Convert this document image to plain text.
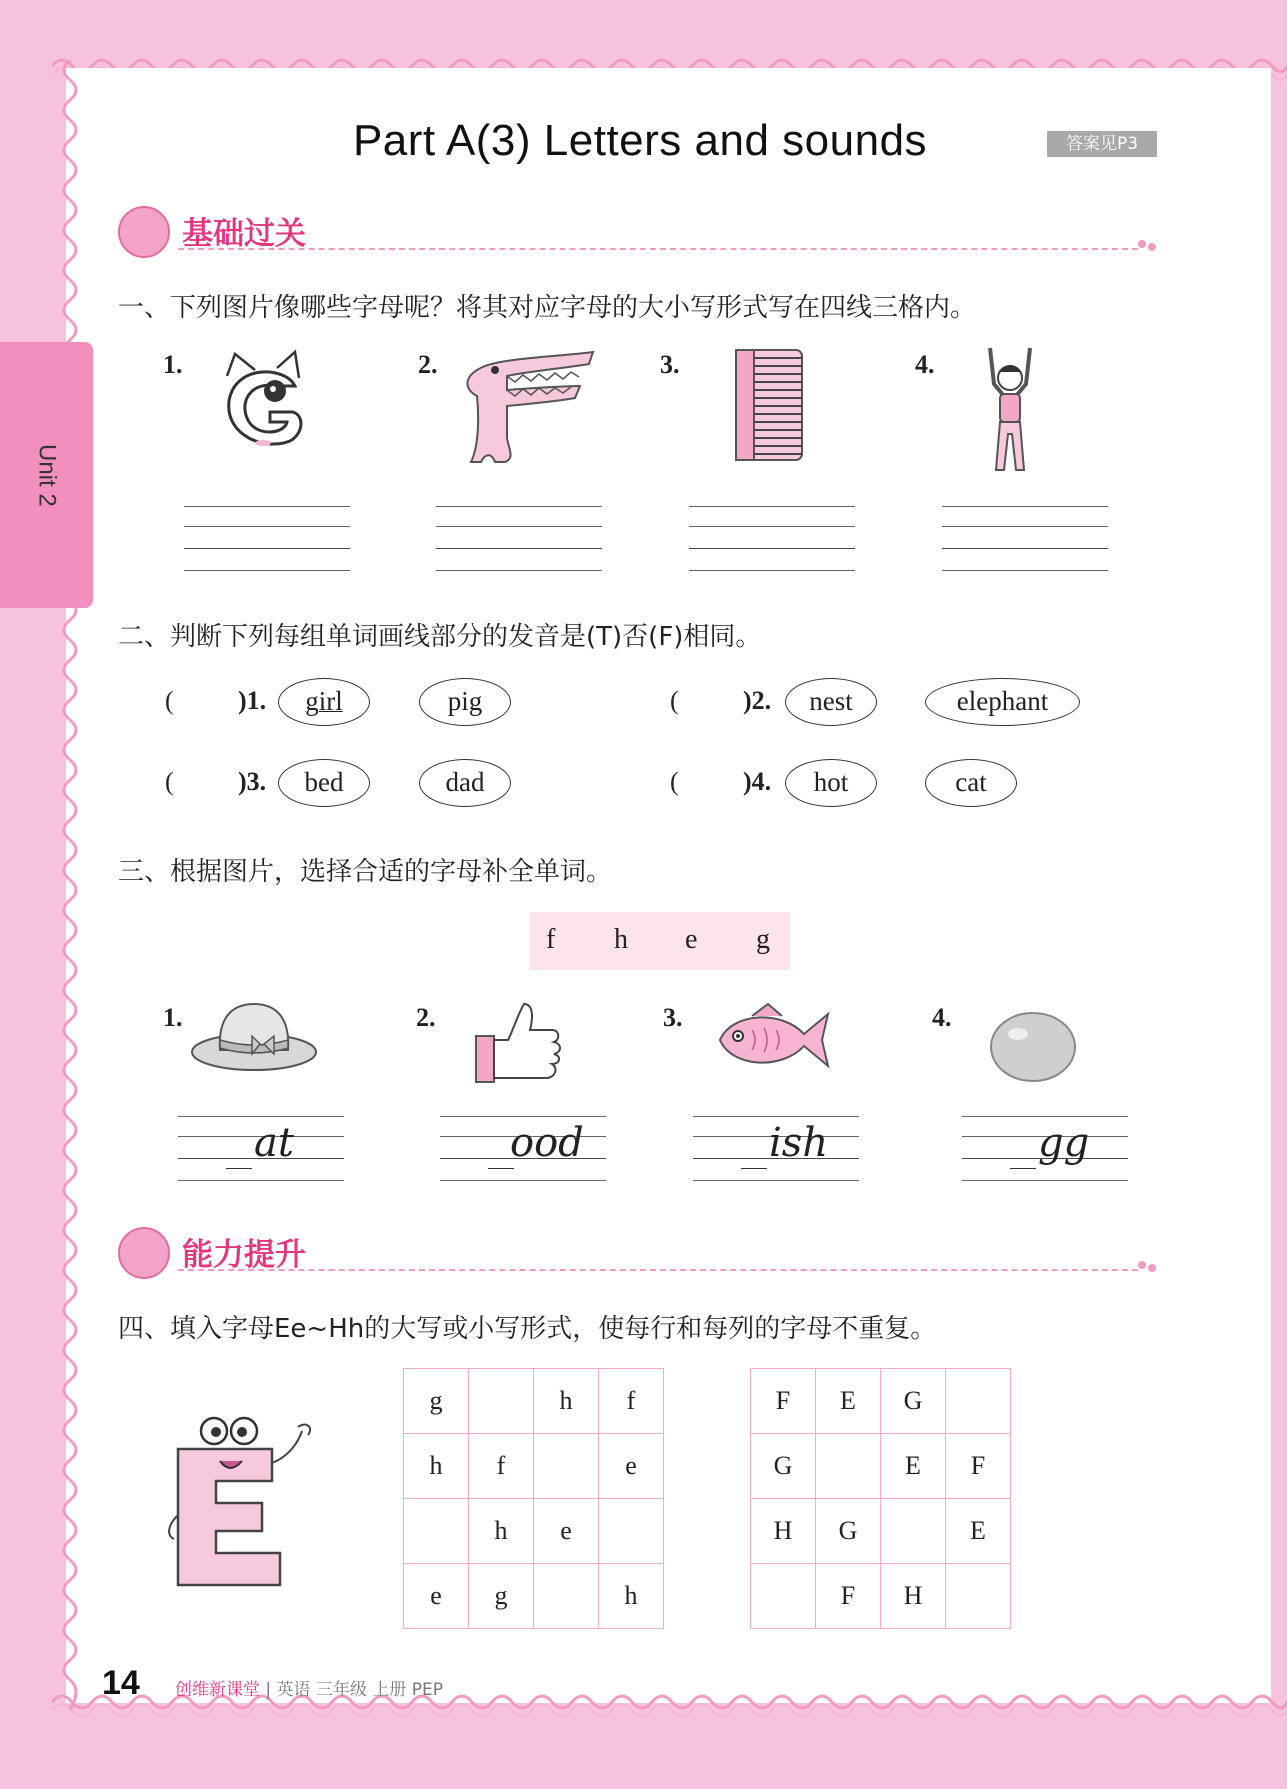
Unit 2
Part A(3) Letters and sounds	答案见P3
基础过关
一、下列图片像哪些字母呢？将其对应字母的大小写形式写在四线三格内。
1.	2.	3.	4.
二、判断下列每组单词画线部分的发音是(T)否(F)相同。
( )1.	girl	pig	( )2.	nest	elephant
( )3.	bed	dad	( )4.	hot	cat
三、根据图片，选择合适的字母补全单词。
f h e g
1.	2.	3.	4.
at	ood	ish	gg
能力提升
四、填入字母Ee~Hh的大写或小写形式，使每行和每列的字母不重复。
g		h	f
h	f		e
	h	e	
e	g		h
F	E	G	
G		E	F
H	G		E
	F	H	
14 创维新课堂 | 英语 三年级 上册 PEP
